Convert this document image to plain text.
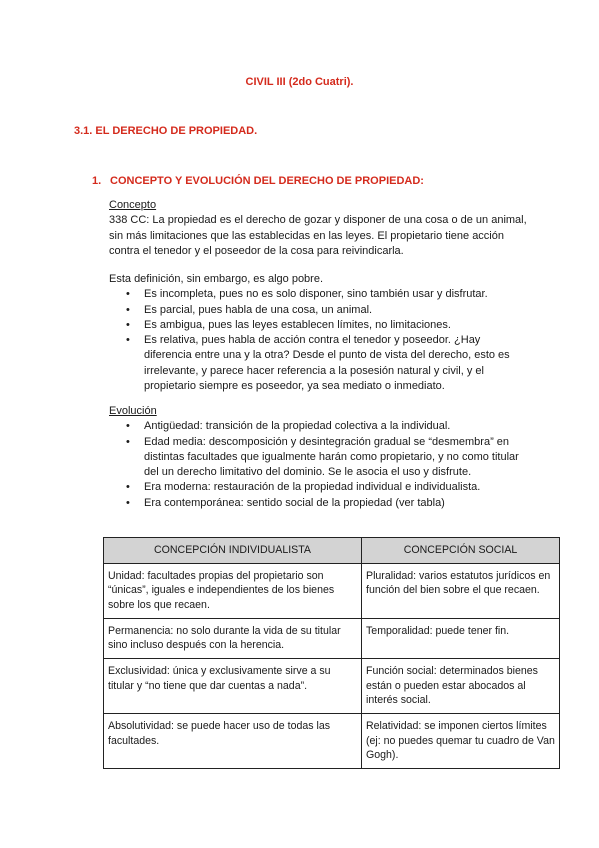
CIVIL III (2do Cuatri).
3.1. EL DERECHO DE PROPIEDAD.
1. CONCEPTO Y EVOLUCIÓN DEL DERECHO DE PROPIEDAD:
Concepto
338 CC: La propiedad es el derecho de gozar y disponer de una cosa o de un animal, sin más limitaciones que las establecidas en las leyes. El propietario tiene acción contra el tenedor y el poseedor de la cosa para reivindicarla.
Esta definición, sin embargo, es algo pobre.
• Es incompleta, pues no es solo disponer, sino también usar y disfrutar.
• Es parcial, pues habla de una cosa, un animal.
• Es ambigua, pues las leyes establecen límites, no limitaciones.
• Es relativa, pues habla de acción contra el tenedor y poseedor. ¿Hay diferencia entre una y la otra? Desde el punto de vista del derecho, esto es irrelevante, y parece hacer referencia a la posesión natural y civil, y el propietario siempre es poseedor, ya sea mediato o inmediato.
Evolución
• Antigüedad: transición de la propiedad colectiva a la individual.
• Edad media: descomposición y desintegración gradual se “desmembra” en distintas facultades que igualmente harán como propietario, y no como titular del un derecho limitativo del dominio. Se le asocia el uso y disfrute.
• Era moderna: restauración de la propiedad individual e individualista.
• Era contemporánea: sentido social de la propiedad (ver tabla)
CONCEPCIÓN INDIVIDUALISTA	CONCEPCIÓN SOCIAL
Unidad: facultades propias del propietario son “únicas”, iguales e independientes de los bienes sobre los que recaen.	Pluralidad: varios estatutos jurídicos en función del bien sobre el que recaen.
Permanencia: no solo durante la vida de su titular sino incluso después con la herencia.	Temporalidad: puede tener fin.
Exclusividad: única y exclusivamente sirve a su titular y “no tiene que dar cuentas a nada”.	Función social: determinados bienes están o pueden estar abocados al interés social.
Absolutividad: se puede hacer uso de todas las facultades.	Relatividad: se imponen ciertos límites (ej: no puedes quemar tu cuadro de Van Gogh).
